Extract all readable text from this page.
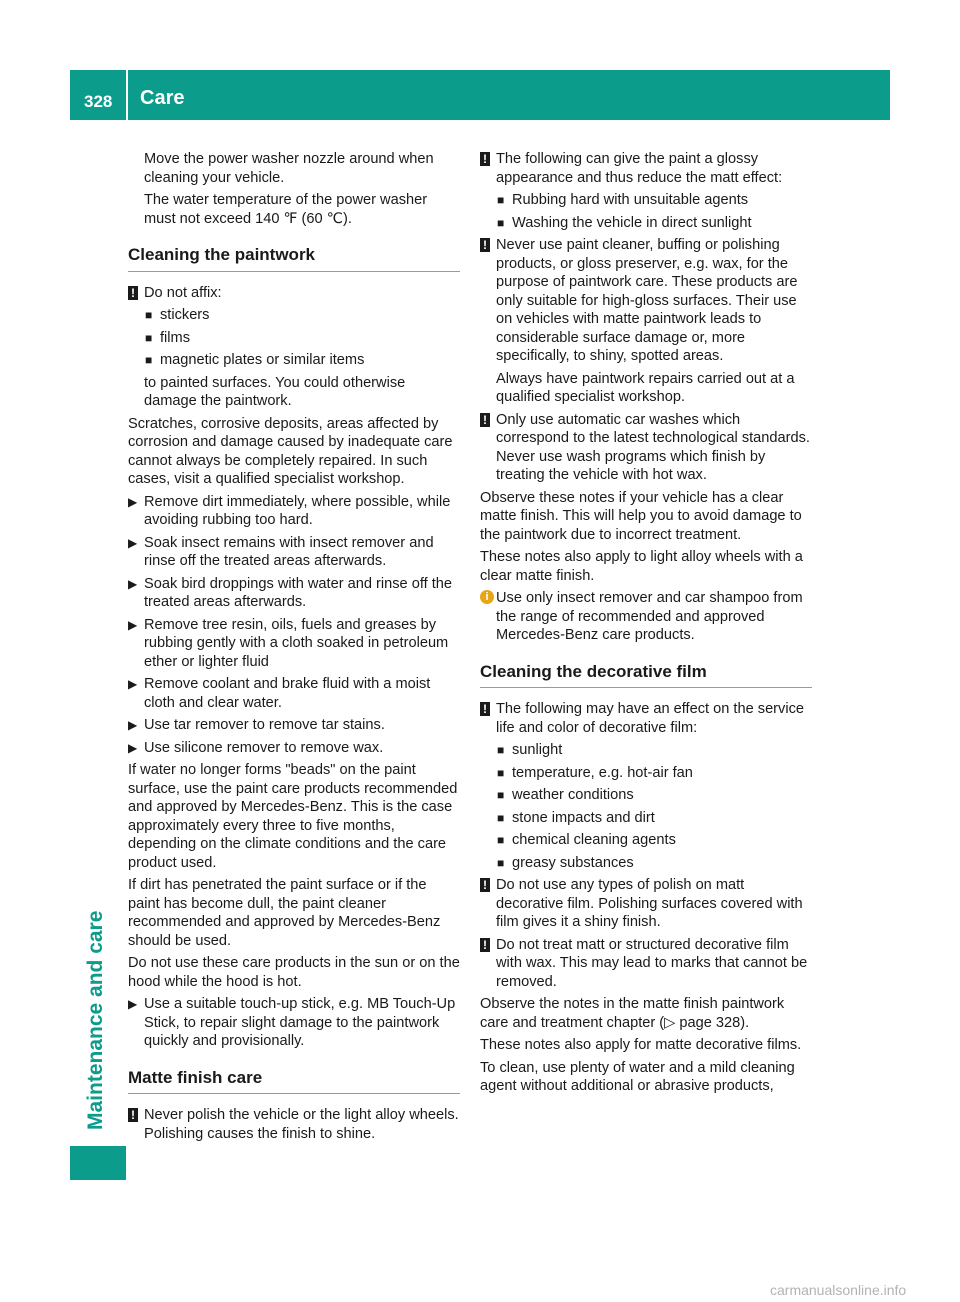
328 Care
Maintenance and care

Move the power washer nozzle around when cleaning your vehicle.

The water temperature of the power washer must not exceed 140 ℉ (60 ℃).

Cleaning the paintwork
! Do not affix:

■ stickers
■ films
■ magnetic plates or similar items

to painted surfaces. You could otherwise damage the paintwork.

Scratches, corrosive deposits, areas affected by corrosion and damage caused by inadequate care cannot always be completely repaired. In such cases, visit a qualified specialist workshop.

▶ Remove dirt immediately, where possible, while avoiding rubbing too hard.
▶ Soak insect remains with insect remover and rinse off the treated areas afterwards.
▶ Soak bird droppings with water and rinse off the treated areas afterwards.
▶ Remove tree resin, oils, fuels and greases by rubbing gently with a cloth soaked in petroleum ether or lighter fluid
▶ Remove coolant and brake fluid with a moist cloth and clear water.
▶ Use tar remover to remove tar stains.
▶ Use silicone remover to remove wax.

If water no longer forms "beads" on the paint surface, use the paint care products recommended and approved by Mercedes-Benz. This is the case approximately every three to five months, depending on the climate conditions and the care product used.

If dirt has penetrated the paint surface or if the paint has become dull, the paint cleaner recommended and approved by Mercedes-Benz should be used.

Do not use these care products in the sun or on the hood while the hood is hot.

▶ Use a suitable touch-up stick, e.g. MB Touch-Up Stick, to repair slight damage to the paintwork quickly and provisionally.
Matte finish care
! Never polish the vehicle or the light alloy wheels. Polishing causes the finish to shine.

! The following can give the paint a glossy appearance and thus reduce the matt effect:

■ Rubbing hard with unsuitable agents
■ Washing the vehicle in direct sunlight
! Never use paint cleaner, buffing or polishing products, or gloss preserver, e.g. wax, for the purpose of paintwork care. These products are only suitable for high-gloss surfaces. Their use on vehicles with matte paintwork leads to considerable surface damage or, more specifically, to shiny, spotted areas.

Always have paintwork repairs carried out at a qualified specialist workshop.

! Only use automatic car washes which correspond to the latest technological standards. Never use wash programs which finish by treating the vehicle with hot wax.

Observe these notes if your vehicle has a clear matte finish. This will help you to avoid damage to the paintwork due to incorrect treatment.

These notes also apply to light alloy wheels with a clear matte finish.

i Use only insect remover and car shampoo from the range of recommended and approved Mercedes-Benz care products.

Cleaning the decorative film
! The following may have an effect on the service life and color of decorative film:

■ sunlight
■ temperature, e.g. hot-air fan
■ weather conditions
■ stone impacts and dirt
■ chemical cleaning agents
■ greasy substances
! Do not use any types of polish on matt decorative film. Polishing surfaces covered with film gives it a shiny finish.

! Do not treat matt or structured decorative film with wax. This may lead to marks that cannot be removed.

Observe the notes in the matte finish paintwork care and treatment chapter (▷ page 328).

These notes also apply for matte decorative films.

To clean, use plenty of water and a mild cleaning agent without additional or abrasive products,

carmanualsonline.info
